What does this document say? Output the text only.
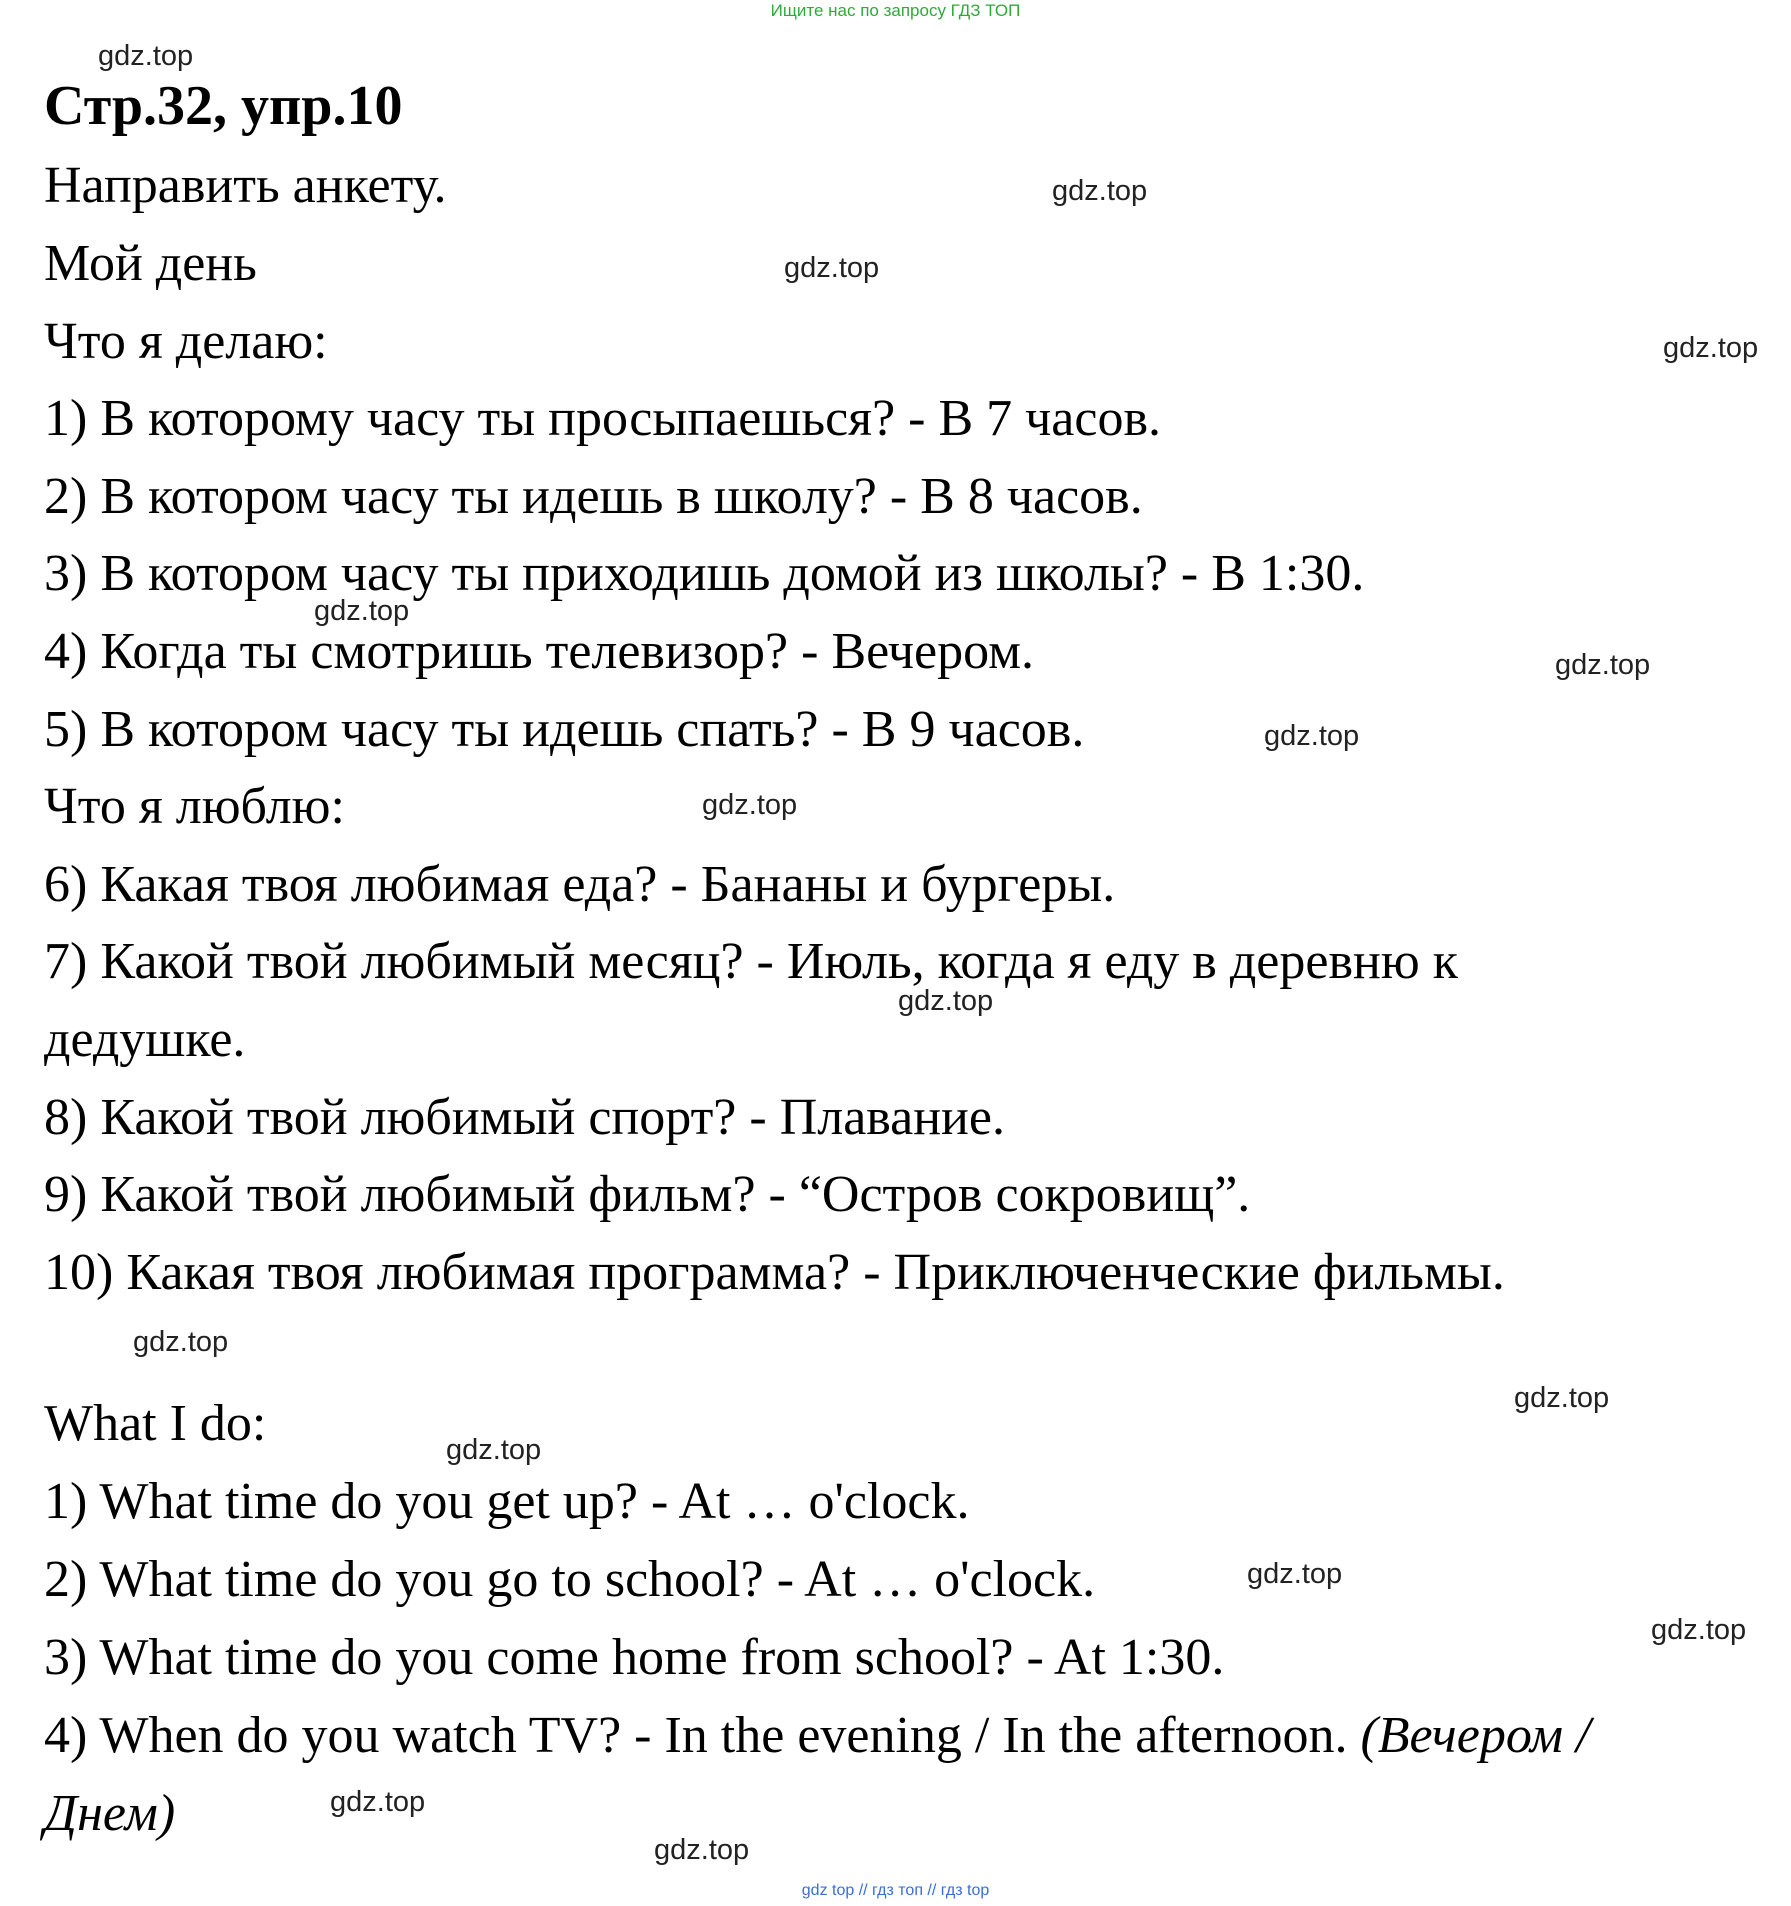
Ищите нас по запросу ГДЗ ТОП
Стр.32, упр.10

Направить анкету.

Мой день

Что я делаю:

1) В которому часу ты просыпаешься? - В 7 часов.

2) В котором часу ты идешь в школу? - В 8 часов.

3) В котором часу ты приходишь домой из школы? - В 1:30.

4) Когда ты смотришь телевизор? - Вечером.

5) В котором часу ты идешь спать? - В 9 часов.

Что я люблю:

6) Какая твоя любимая еда? - Бананы и бургеры.

7) Какой твой любимый месяц? - Июль, когда я еду в деревню к

дедушке.

8) Какой твой любимый спорт? - Плавание.

9) Какой твой любимый фильм? - “Остров сокровищ”.

10) Какая твоя любимая программа? - Приключенческие фильмы.

What I do:

1) What time do you get up? - At … o'clock.

2) What time do you go to school? - At … o'clock.

3) What time do you come home from school? - At 1:30.

4) When do you watch TV? - In the evening / In the afternoon. (Вечером /

Днем)

gdz.top
gdz.top
gdz.top
gdz.top
gdz.top
gdz.top
gdz.top
gdz.top
gdz.top
gdz.top
gdz.top
gdz.top
gdz.top
gdz.top
gdz.top
gdz.top
gdz top // гдз топ // гдз top
